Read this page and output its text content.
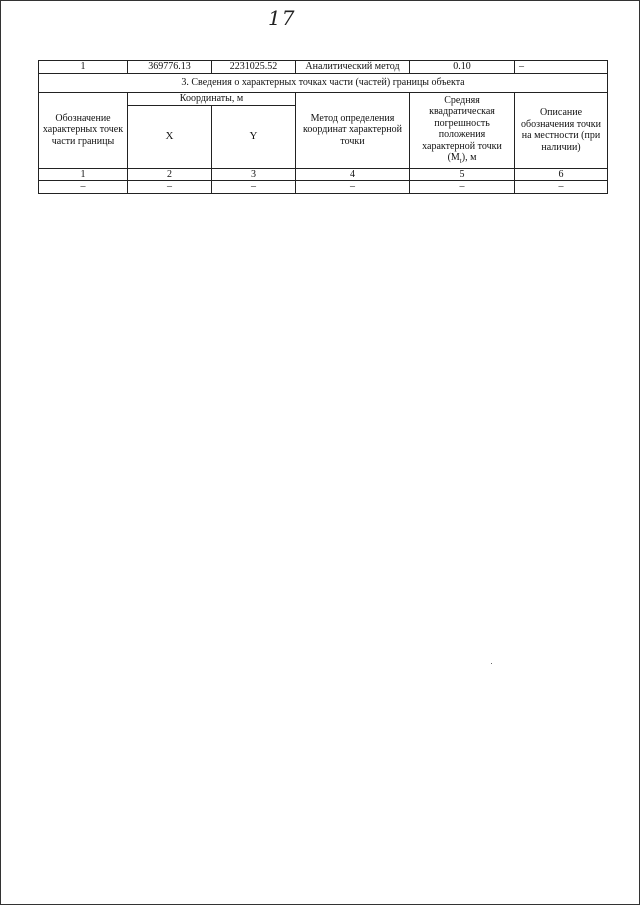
17
1	369776.13	2231025.52	Аналитический метод	0.10	–
3. Сведения о характерных точках части (частей) границы объекта					
Обозначение характерных точек части границы	Координаты, м		Метод определения координат характерной точки	Средняя квадратическая погрешность положения характерной точки $(M_t)$, м	Описание обозначения точки на местности (при наличии)
	X	Y			
1	2	3	4	5	6
–	–	–	–	–	–
